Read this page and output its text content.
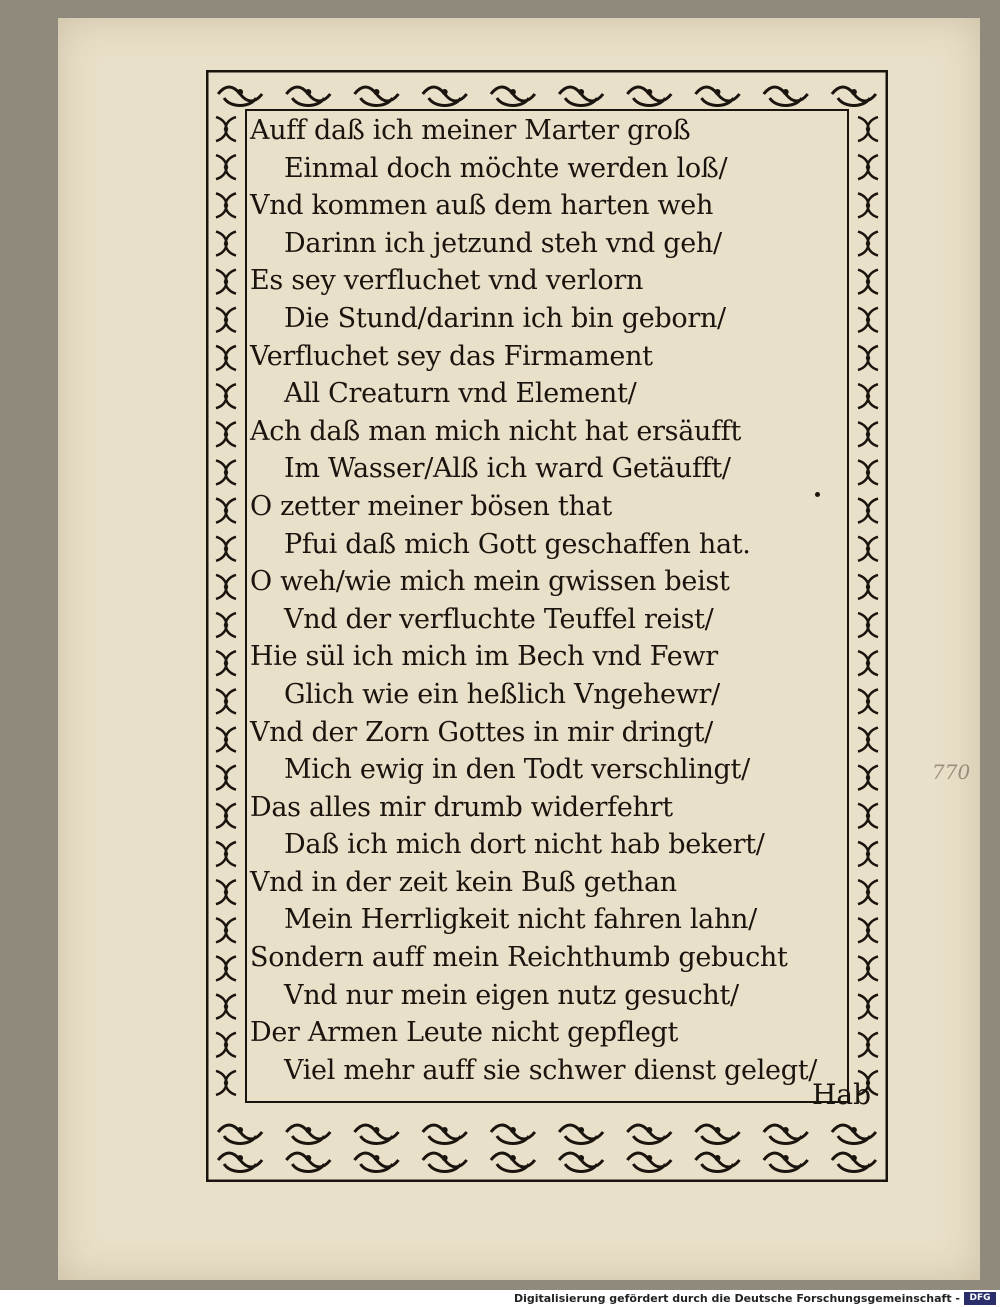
Auff daß ich meiner Marter groß
Einmal doch möchte werden loß/
Vnd kommen auß dem harten weh
Darinn ich jetzund steh vnd geh/
Es sey verfluchet vnd verlorn
Die Stund/darinn ich bin geborn/
Verfluchet sey das Firmament
All Creaturn vnd Element/
Ach daß man mich nicht hat ersäufft
Im Wasser/Alß ich ward Getäufft/
O zetter meiner bösen that
Pfui daß mich Gott geschaffen hat.
O weh/wie mich mein gwissen beist
Vnd der verfluchte Teuffel reist/
Hie sül ich mich im Bech vnd Fewr
Glich wie ein heßlich Vngehewr/
Vnd der Zorn Gottes in mir dringt/
Mich ewig in den Todt verschlingt/
Das alles mir drumb widerfehrt
Daß ich mich dort nicht hab bekert/
Vnd in der zeit kein Buß gethan
Mein Herrligkeit nicht fahren lahn/
Sondern auff mein Reichthumb gebucht
Vnd nur mein eigen nutz gesucht/
Der Armen Leute nicht gepflegt
Viel mehr auff sie schwer dienst gelegt/
Hab
770
Digitalisierung gefördert durch die Deutsche Forschungsgemeinschaft -	DFG
